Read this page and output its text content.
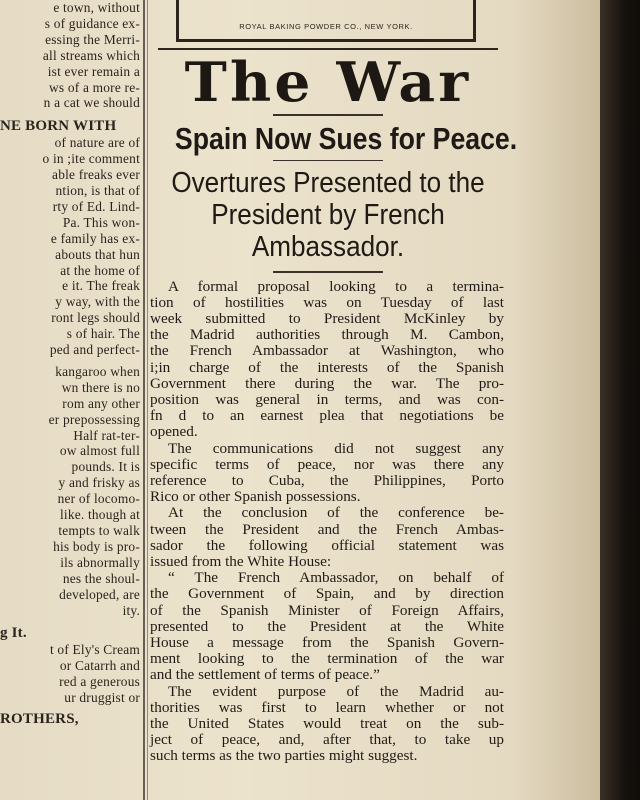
e town, without
s of guidance ex-
essing the Merri-
all streams which
ist ever remain a
ws of a more re-
n a cat we should
NE BORN WITH
of nature are of
o in ;ite comment
able freaks ever
ntion, is that of
rty of Ed. Lind-
Pa. This won-
e family has ex-
abouts that hun
at the home of
e it. The freak
y way, with the
ront legs should
s of hair. The
ped and perfect-
kangaroo when
wn there is no
rom any other
er prepossessing
Half rat-ter-
ow almost full
pounds. It is
y and frisky as
ner of locomo-
like. though at
tempts to walk
his body is pro-
ils abnormally
nes the shoul-
developed, are
ity.
g It.
t of Ely's Cream
or Catarrh and
red a generous
ur druggist or
ROTHERS,
ROYAL BAKING POWDER CO., NEW YORK.
The War
Spain Now Sues for Peace.
Overtures Presented to the
President by French
Ambassador.
A formal proposal looking to a termina-
tion of hostilities was on Tuesday of last
week submitted to President McKinley by
the Madrid authorities through M. Cambon,
the French Ambassador at Washington, who
i;in charge of the interests of the Spanish
Government there during the war. The pro-
position was general in terms, and was con-
fn d to an earnest plea that negotiations be
opened.
The communications did not suggest any
specific terms of peace, nor was there any
reference to Cuba, the Philippines, Porto
Rico or other Spanish possessions.
At the conclusion of the conference be-
tween the President and the French Ambas-
sador the following official statement was
issued from the White House:
“ The French Ambassador, on behalf of
the Government of Spain, and by direction
of the Spanish Minister of Foreign Affairs,
presented to the President at the White
House a message from the Spanish Govern-
ment looking to the termination of the war
and the settlement of terms of peace.”
The evident purpose of the Madrid au-
thorities was first to learn whether or not
the United States would treat on the sub-
ject of peace, and, after that, to take up
such terms as the two parties might suggest.
